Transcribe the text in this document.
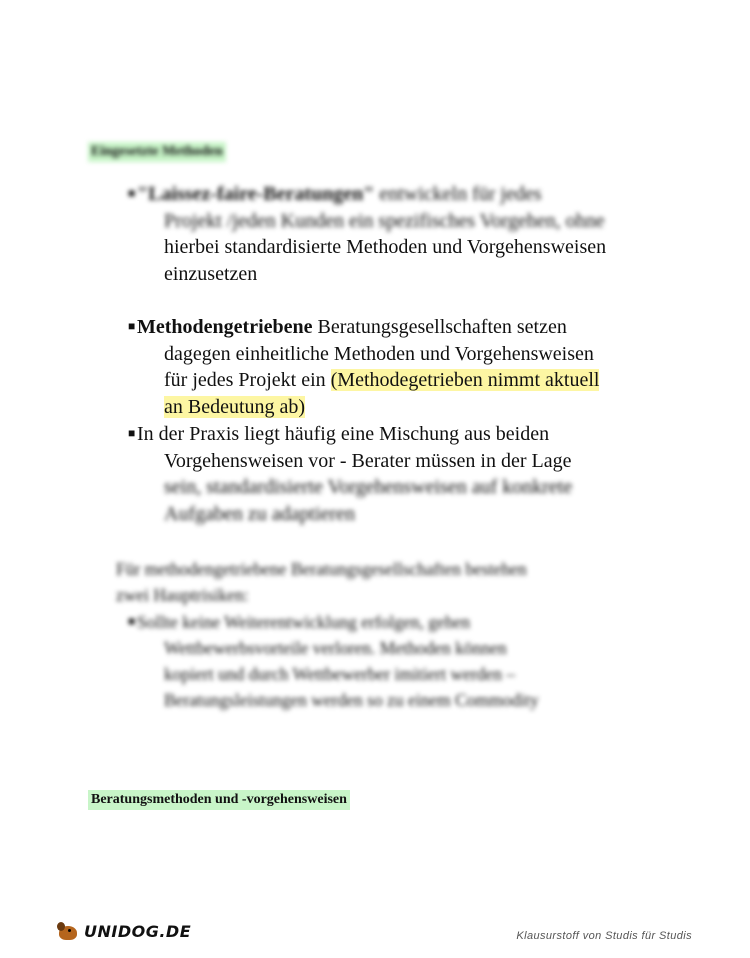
Eingesetzte Methoden
■"Laissez-faire-Beratungen" entwickeln für jedes
Projekt /jeden Kunden ein spezifisches Vorgehen, ohne
hierbei standardisierte Methoden und Vorgehensweisen
einzusetzen
■Methodengetriebene Beratungsgesellschaften setzen
dagegen einheitliche Methoden und Vorgehensweisen
für jedes Projekt ein (Methodegetrieben nimmt aktuell
an Bedeutung ab)
■In der Praxis liegt häufig eine Mischung aus beiden
Vorgehensweisen vor - Berater müssen in der Lage
sein, standardisierte Vorgehensweisen auf konkrete
Aufgaben zu adaptieren
Für methodengetriebene Beratungsgesellschaften bestehen
zwei Hauptrisiken:
■ Sollte keine Weiterentwicklung erfolgen, gehen
Wettbewerbsvorteile verloren. Methoden können
kopiert und durch Wettbewerber imitiert werden –
Beratungsleistungen werden so zu einem Commodity
Beratungsmethoden und -vorgehensweisen
UNIDOG.DE	Klausurstoff von Studis für Studis
